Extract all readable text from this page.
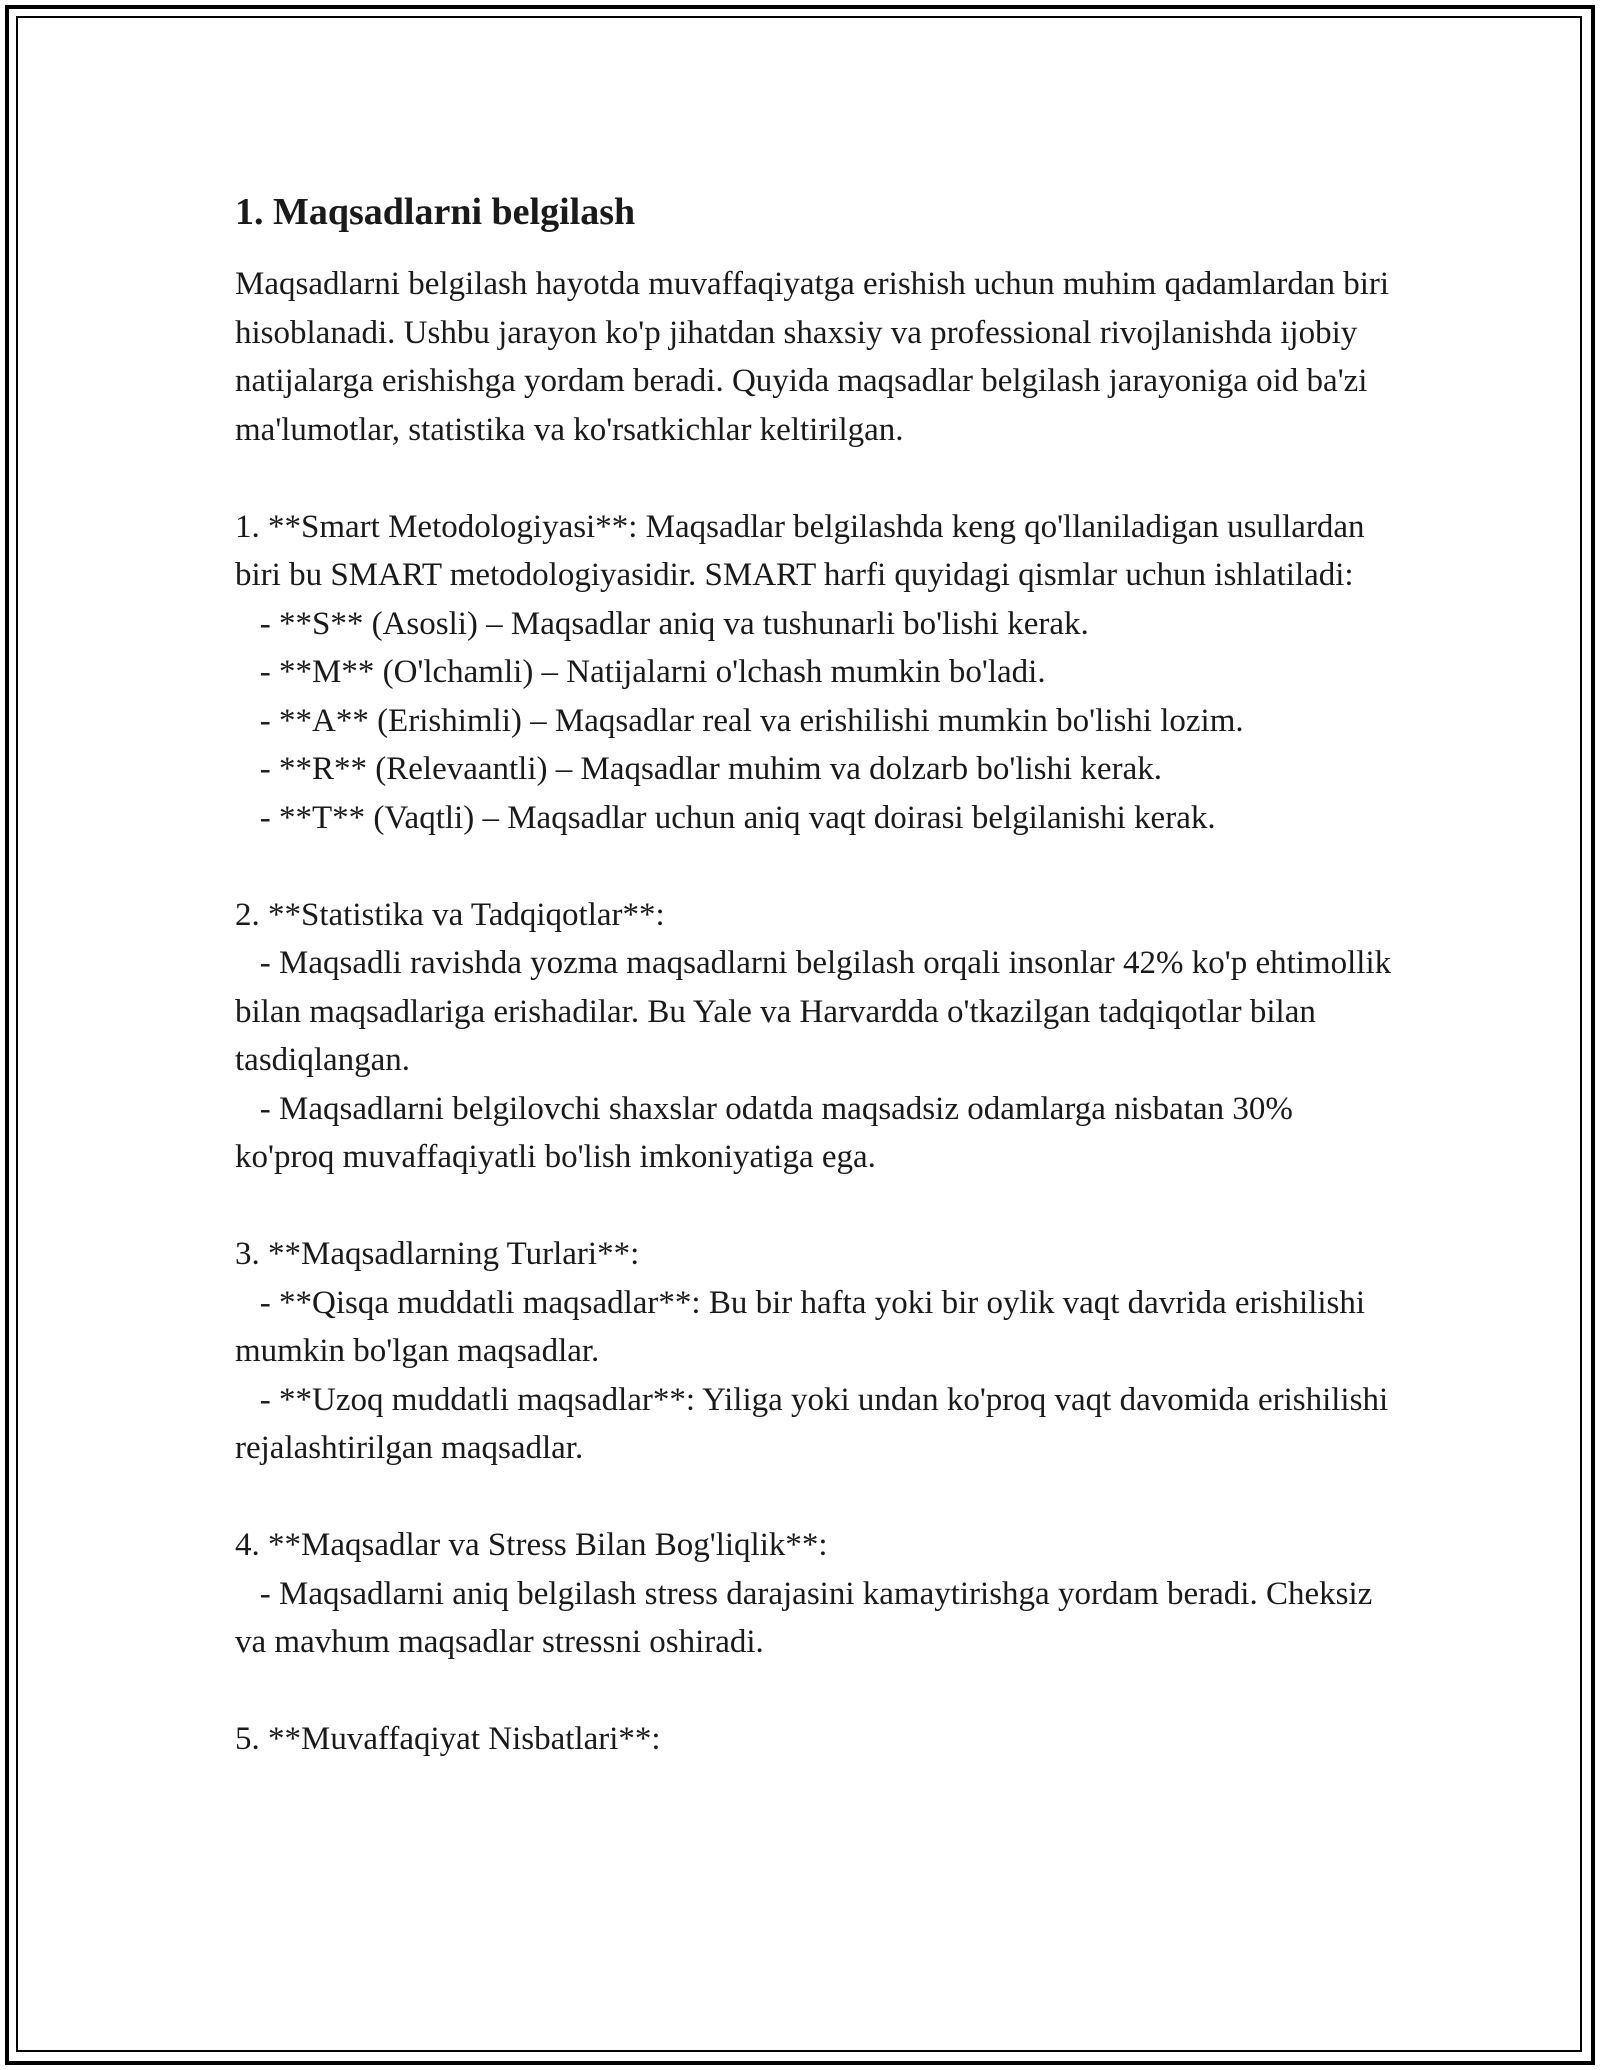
1. Maqsadlarni belgilash

Maqsadlarni belgilash hayotda muvaffaqiyatga erishish uchun muhim qadamlardan biri hisoblanadi. Ushbu jarayon ko'p jihatdan shaxsiy va professional rivojlanishda ijobiy natijalarga erishishga yordam beradi. Quyida maqsadlar belgilash jarayoniga oid ba'zi ma'lumotlar, statistika va ko'rsatkichlar keltirilgan.

1. **Smart Metodologiyasi**: Maqsadlar belgilashda keng qo'llaniladigan usullardan biri bu SMART metodologiyasidir. SMART harfi quyidagi qismlar uchun ishlatiladi:

- **S** (Asosli) – Maqsadlar aniq va tushunarli bo'lishi kerak.

- **M** (O'lchamli) – Natijalarni o'lchash mumkin bo'ladi.

- **A** (Erishimli) – Maqsadlar real va erishilishi mumkin bo'lishi lozim.

- **R** (Relevaantli) – Maqsadlar muhim va dolzarb bo'lishi kerak.

- **T** (Vaqtli) – Maqsadlar uchun aniq vaqt doirasi belgilanishi kerak.

2. **Statistika va Tadqiqotlar**:

- Maqsadli ravishda yozma maqsadlarni belgilash orqali insonlar 42% ko'p ehtimollik bilan maqsadlariga erishadilar. Bu Yale va Harvardda o'tkazilgan tadqiqotlar bilan tasdiqlangan.

- Maqsadlarni belgilovchi shaxslar odatda maqsadsiz odamlarga nisbatan 30% ko'proq muvaffaqiyatli bo'lish imkoniyatiga ega.

3. **Maqsadlarning Turlari**:

- **Qisqa muddatli maqsadlar**: Bu bir hafta yoki bir oylik vaqt davrida erishilishi mumkin bo'lgan maqsadlar.

- **Uzoq muddatli maqsadlar**: Yiliga yoki undan ko'proq vaqt davomida erishilishi rejalashtirilgan maqsadlar.

4. **Maqsadlar va Stress Bilan Bog'liqlik**:

- Maqsadlarni aniq belgilash stress darajasini kamaytirishga yordam beradi. Cheksiz va mavhum maqsadlar stressni oshiradi.

5. **Muvaffaqiyat Nisbatlari**:
